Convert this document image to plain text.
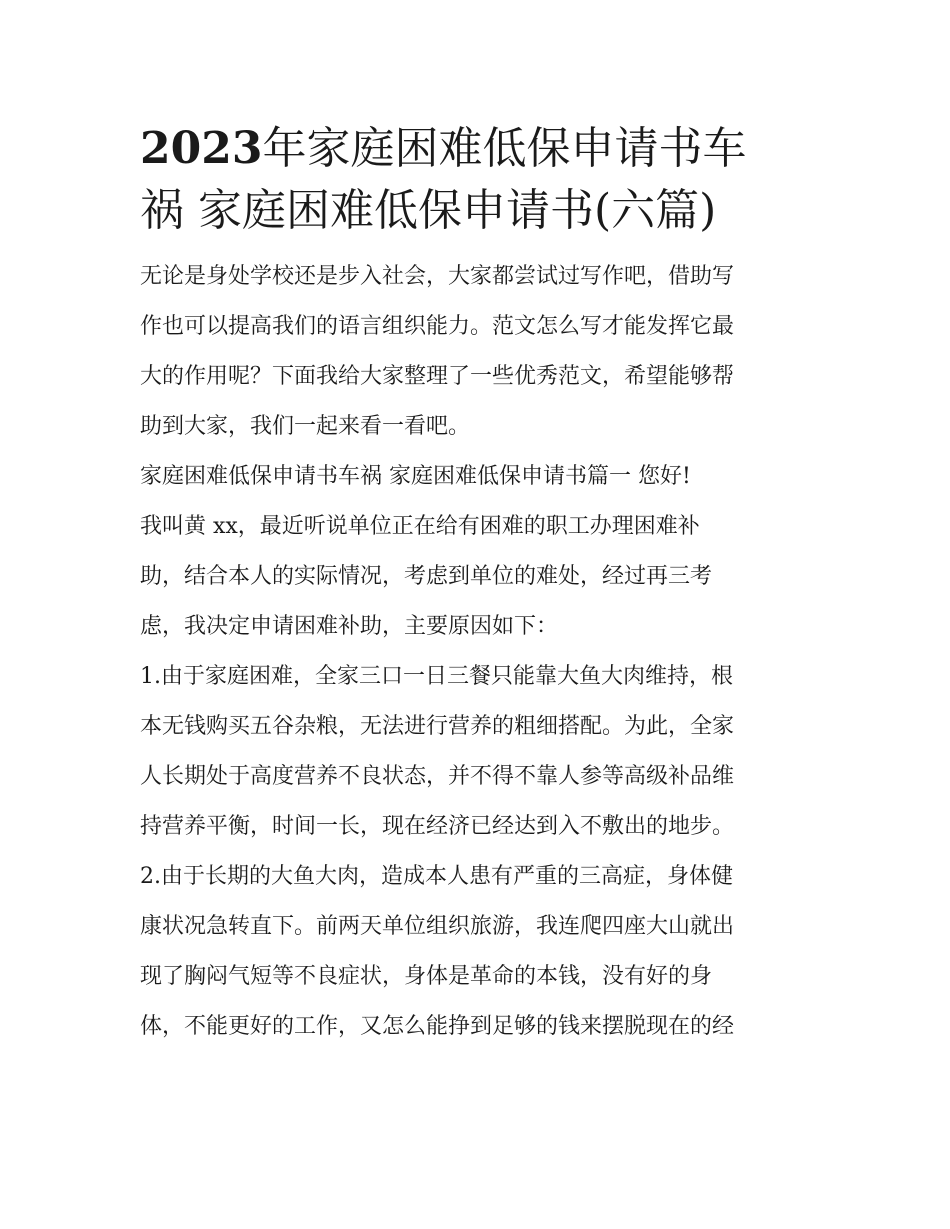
2023年家庭困难低保申请书车
祸 家庭困难低保申请书(六篇)

无论是身处学校还是步入社会，大家都尝试过写作吧，借助写
作也可以提高我们的语言组织能力。范文怎么写才能发挥它最
大的作用呢？下面我给大家整理了一些优秀范文，希望能够帮
助到大家，我们一起来看一看吧。

家庭困难低保申请书车祸 家庭困难低保申请书篇一 您好!

我叫黄 xx，最近听说单位正在给有困难的职工办理困难补
助，结合本人的实际情况，考虑到单位的难处，经过再三考
虑，我决定申请困难补助，主要原因如下：

1.由于家庭困难，全家三口一日三餐只能靠大鱼大肉维持，根
本无钱购买五谷杂粮，无法进行营养的粗细搭配。为此，全家
人长期处于高度营养不良状态，并不得不靠人参等高级补品维
持营养平衡，时间一长，现在经济已经达到入不敷出的地步。

2.由于长期的大鱼大肉，造成本人患有严重的三高症，身体健
康状况急转直下。前两天单位组织旅游，我连爬四座大山就出
现了胸闷气短等不良症状，身体是革命的本钱，没有好的身
体，不能更好的工作，又怎么能挣到足够的钱来摆脱现在的经
